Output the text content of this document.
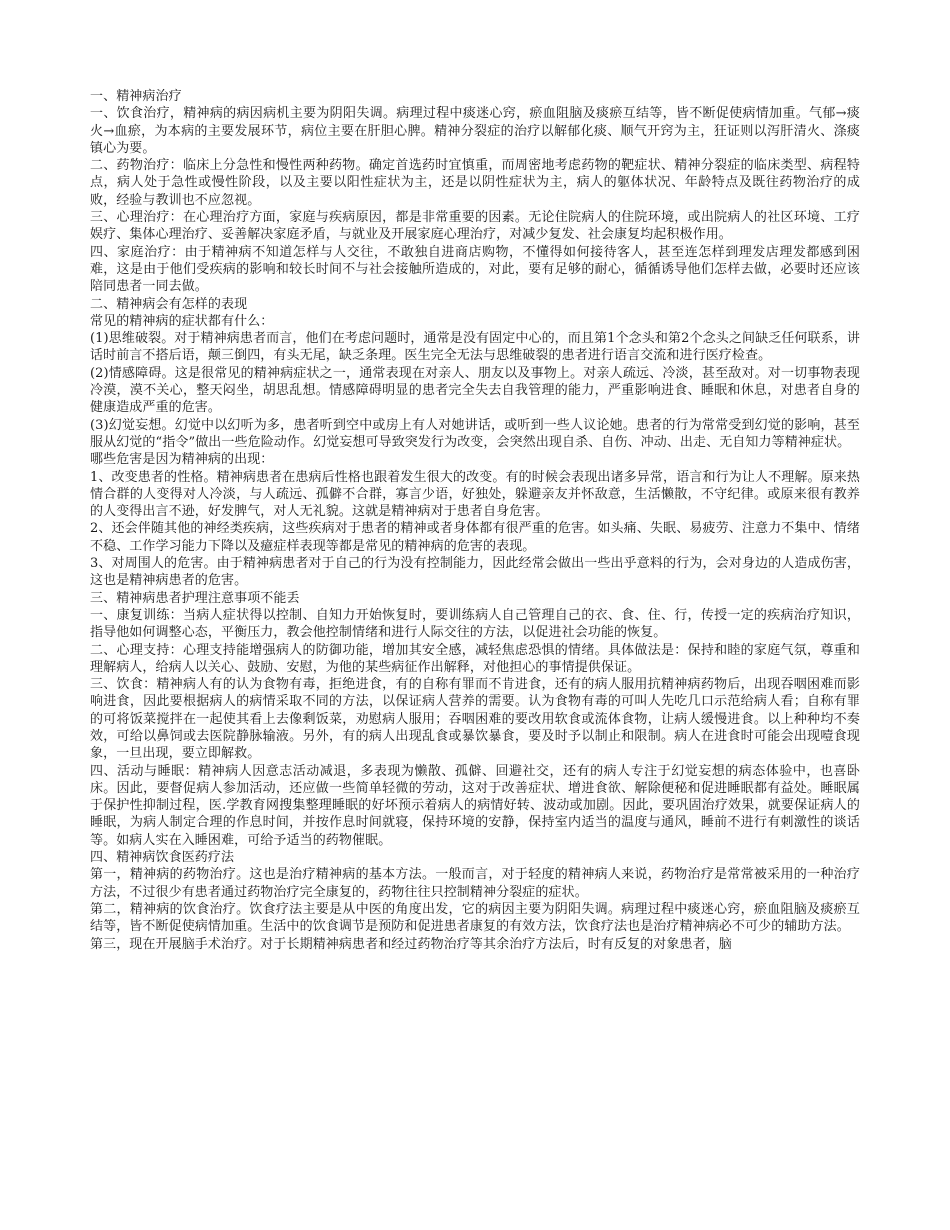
一、精神病治疗

一、饮食治疗，精神病的病因病机主要为阴阳失调。病理过程中痰迷心窍，瘀血阻脑及痰瘀互结等，皆不断促使病情加重。气郁→痰火→血瘀，为本病的主要发展环节，病位主要在肝胆心脾。精神分裂症的治疗以解郁化痰、顺气开窍为主，狂证则以泻肝清火、涤痰镇心为要。

二、药物治疗：临床上分急性和慢性两种药物。确定首选药时宜慎重，而周密地考虑药物的靶症状、精神分裂症的临床类型、病程特点，病人处于急性或慢性阶段，以及主要以阳性症状为主，还是以阴性症状为主，病人的躯体状况、年龄特点及既往药物治疗的成败，经验与教训也不应忽视。

三、心理治疗：在心理治疗方面，家庭与疾病原因，都是非常重要的因素。无论住院病人的住院环境，或出院病人的社区环境、工疗娱疗、集体心理治疗、妥善解决家庭矛盾，与就业及开展家庭心理治疗，对减少复发、社会康复均起积极作用。

四、家庭治疗：由于精神病不知道怎样与人交往，不敢独自进商店购物，不懂得如何接待客人，甚至连怎样到理发店理发都感到困难，这是由于他们受疾病的影响和较长时间不与社会接触所造成的，对此，要有足够的耐心，循循诱导他们怎样去做，必要时还应该陪同患者一同去做。

二、精神病会有怎样的表现

常见的精神病的症状都有什么：

(1)思维破裂。对于精神病患者而言，他们在考虑问题时，通常是没有固定中心的，而且第1个念头和第2个念头之间缺乏任何联系，讲话时前言不搭后语，颠三倒四，有头无尾，缺乏条理。医生完全无法与思维破裂的患者进行语言交流和进行医疗检查。

(2)情感障碍。这是很常见的精神病症状之一，通常表现在对亲人、朋友以及事物上。对亲人疏远、冷淡，甚至敌对。对一切事物表现冷漠，漠不关心，整天闷坐，胡思乱想。情感障碍明显的患者完全失去自我管理的能力，严重影响进食、睡眠和休息，对患者自身的健康造成严重的危害。

(3)幻觉妄想。幻觉中以幻听为多，患者听到空中或房上有人对她讲话，或听到一些人议论她。患者的行为常常受到幻觉的影响，甚至服从幻觉的“指令”做出一些危险动作。幻觉妄想可导致突发行为改变，会突然出现自杀、自伤、冲动、出走、无自知力等精神症状。

哪些危害是因为精神病的出现：

1、改变患者的性格。精神病患者在患病后性格也跟着发生很大的改变。有的时候会表现出诸多异常，语言和行为让人不理解。原来热情合群的人变得对人冷淡，与人疏远、孤僻不合群，寡言少语，好独处，躲避亲友并怀敌意，生活懒散，不守纪律。或原来很有教养的人变得出言不逊，好发脾气，对人无礼貌。这就是精神病对于患者自身危害。

2、还会伴随其他的神经类疾病，这些疾病对于患者的精神或者身体都有很严重的危害。如头痛、失眠、易疲劳、注意力不集中、情绪不稳、工作学习能力下降以及癔症样表现等都是常见的精神病的危害的表现。

3、对周围人的危害。由于精神病患者对于自己的行为没有控制能力，因此经常会做出一些出乎意料的行为，会对身边的人造成伤害，这也是精神病患者的危害。

三、精神病患者护理注意事项不能丢

一、康复训练：当病人症状得以控制、自知力开始恢复时，要训练病人自己管理自己的衣、食、住、行，传授一定的疾病治疗知识，指导他如何调整心态，平衡压力，教会他控制情绪和进行人际交往的方法，以促进社会功能的恢复。

二、心理支持：心理支持能增强病人的防御功能，增加其安全感，减轻焦虑恐惧的情绪。具体做法是：保持和睦的家庭气氛，尊重和理解病人，给病人以关心、鼓励、安慰，为他的某些病征作出解释，对他担心的事情提供保证。

三、饮食：精神病人有的认为食物有毒，拒绝进食，有的自称有罪而不肯进食，还有的病人服用抗精神病药物后，出现吞咽困难而影响进食，因此要根据病人的病情采取不同的方法，以保证病人营养的需要。认为食物有毒的可叫人先吃几口示范给病人看；自称有罪的可将饭菜搅拌在一起使其看上去像剩饭菜，劝慰病人服用；吞咽困难的要改用软食或流体食物，让病人缓慢进食。以上种种均不奏效，可给以鼻饲或去医院静脉输液。另外，有的病人出现乱食或暴饮暴食，要及时予以制止和限制。病人在进食时可能会出现噎食现象，一旦出现，要立即解救。

四、活动与睡眠：精神病人因意志活动减退，多表现为懒散、孤僻、回避社交，还有的病人专注于幻觉妄想的病态体验中，也喜卧床。因此，要督促病人参加活动，还应做一些简单轻微的劳动，这对于改善症状、增进食欲、解除便秘和促进睡眠都有益处。睡眠属于保护性抑制过程，医.学教育网搜集整理睡眠的好坏预示着病人的病情好转、波动或加剧。因此，要巩固治疗效果，就要保证病人的睡眠，为病人制定合理的作息时间，并按作息时间就寝，保持环境的安静，保持室内适当的温度与通风，睡前不进行有刺激性的谈话等。如病人实在入睡困难，可给予适当的药物催眠。

四、精神病饮食医药疗法

第一，精神病的药物治疗。这也是治疗精神病的基本方法。一般而言，对于轻度的精神病人来说，药物治疗是常常被采用的一种治疗方法，不过很少有患者通过药物治疗完全康复的，药物往往只控制精神分裂症的症状。

第二，精神病的饮食治疗。饮食疗法主要是从中医的角度出发，它的病因主要为阴阳失调。病理过程中痰迷心窍，瘀血阻脑及痰瘀互结等，皆不断促使病情加重。生活中的饮食调节是预防和促进患者康复的有效方法，饮食疗法也是治疗精神病必不可少的辅助方法。

第三，现在开展脑手术治疗。对于长期精神病患者和经过药物治疗等其余治疗方法后，时有反复的对象患者，脑
